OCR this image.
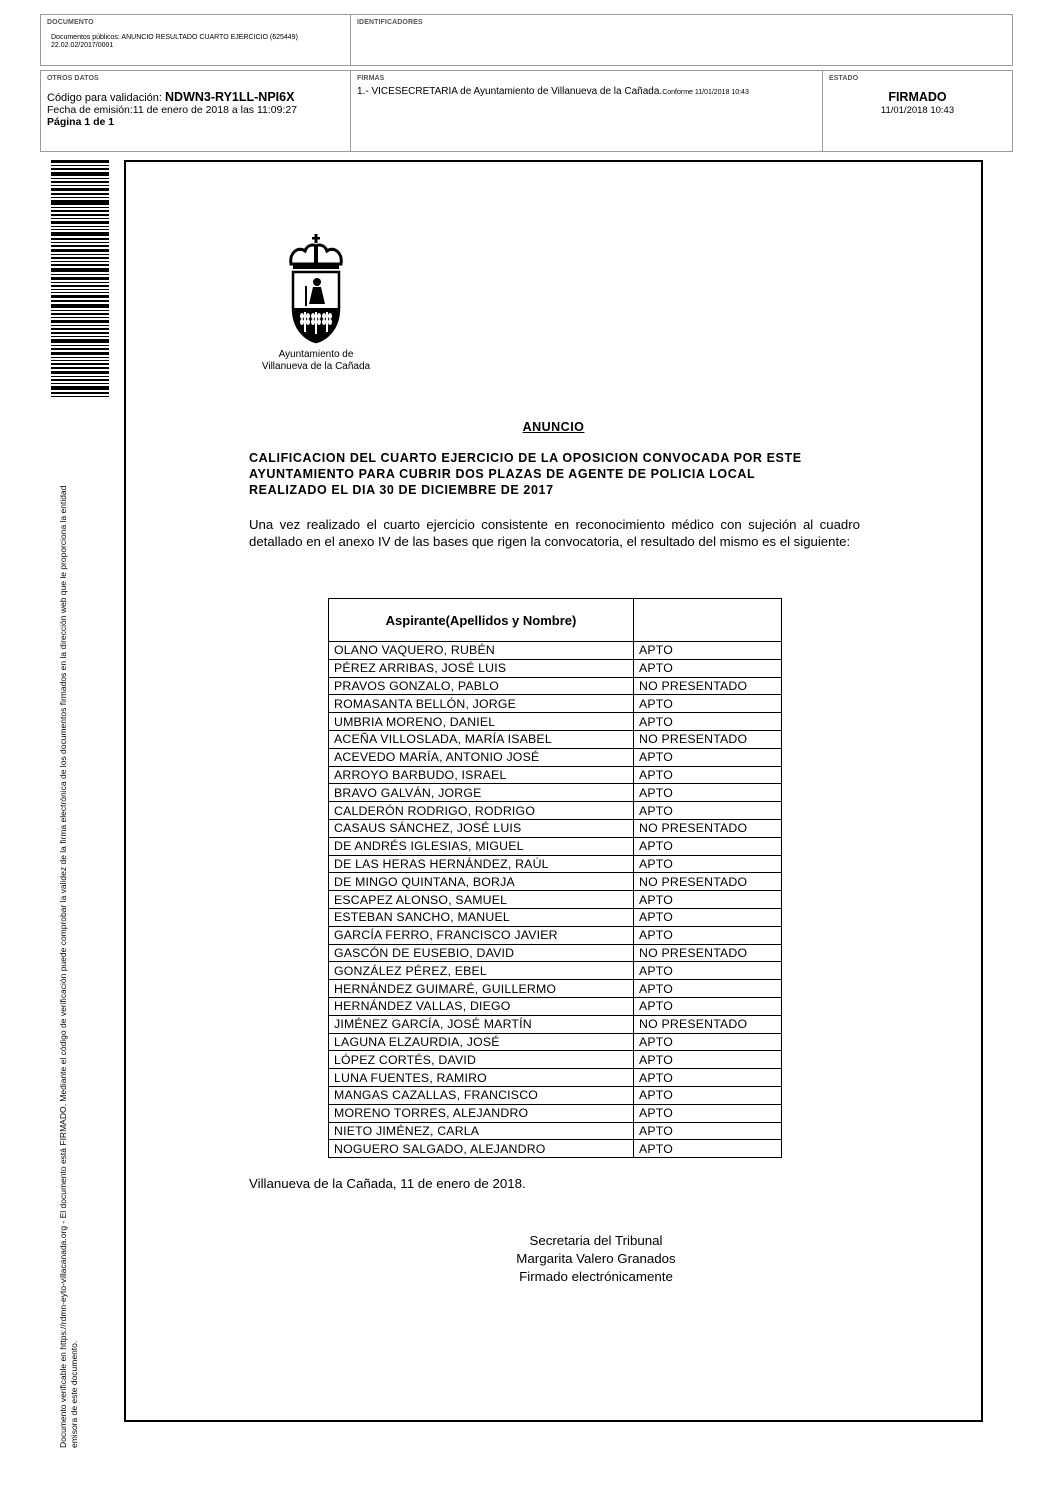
DOCUMENTO
Documentos públicos: ANUNCIO RESULTADO CUARTO EJERCICIO (625449)
22.02.02/2017/0001
IDENTIFICADORES
OTROS DATOS
Código para validación: NDWN3-RY1LL-NPI6X
Fecha de emisión:11 de enero de 2018 a las 11:09:27
Página 1 de 1
FIRMAS
1.- VICESECRETARIA de Ayuntamiento de Villanueva de la Cañada.Conforme 11/01/2018 10:43
ESTADO
FIRMADO
11/01/2018 10:43
Documento verificable en https://rdmn-eyto-villacanada.org - El documento está FIRMADO. Mediante el código de verificación puede comprobar la validez de la firma electrónica de los documentos firmados en la dirección web que le proporciona la entidad emisora de este documento.
Ayuntamiento de
Villanueva de la Cañada
ANUNCIO
CALIFICACION DEL CUARTO EJERCICIO DE LA OPOSICION CONVOCADA POR ESTE
AYUNTAMIENTO PARA CUBRIR DOS PLAZAS DE AGENTE DE POLICIA LOCAL
REALIZADO EL DIA 30 DE DICIEMBRE DE 2017
Una vez realizado el cuarto ejercicio consistente en reconocimiento médico con sujeción al cuadro detallado en el anexo IV de las bases que rigen la convocatoria, el resultado del mismo es el siguiente:
Aspirante(Apellidos y Nombre)	
OLANO VAQUERO, RUBÉN	APTO
PÉREZ ARRIBAS, JOSÉ LUIS	APTO
PRAVOS GONZALO, PABLO	NO PRESENTADO
ROMASANTA BELLÓN, JORGE	APTO
UMBRIA MORENO, DANIEL	APTO
ACEÑA VILLOSLADA, MARÍA ISABEL	NO PRESENTADO
ACEVEDO MARÍA, ANTONIO JOSÉ	APTO
ARROYO BARBUDO, ISRAEL	APTO
BRAVO GALVÁN, JORGE	APTO
CALDERÓN RODRIGO, RODRIGO	APTO
CASAUS SÁNCHEZ, JOSÉ LUIS	NO PRESENTADO
DE ANDRÉS IGLESIAS, MIGUEL	APTO
DE LAS HERAS HERNÁNDEZ, RAÚL	APTO
DE MINGO QUINTANA, BORJA	NO PRESENTADO
ESCAPEZ ALONSO, SAMUEL	APTO
ESTEBAN SANCHO, MANUEL	APTO
GARCÍA FERRO, FRANCISCO JAVIER	APTO
GASCÓN DE EUSEBIO, DAVID	NO PRESENTADO
GONZÁLEZ PÉREZ, EBEL	APTO
HERNÁNDEZ GUIMARÉ, GUILLERMO	APTO
HERNÁNDEZ VALLAS, DIEGO	APTO
JIMÉNEZ GARCÍA, JOSÉ MARTÍN	NO PRESENTADO
LAGUNA ELZAURDIA, JOSÉ	APTO
LÓPEZ CORTÉS, DAVID	APTO
LUNA FUENTES, RAMIRO	APTO
MANGAS CAZALLAS, FRANCISCO	APTO
MORENO TORRES, ALEJANDRO	APTO
NIETO JIMÉNEZ, CARLA	APTO
NOGUERO SALGADO, ALEJANDRO	APTO
Villanueva de la Cañada, 11 de enero de 2018.
Secretaria del Tribunal
Margarita Valero Granados
Firmado electrónicamente
